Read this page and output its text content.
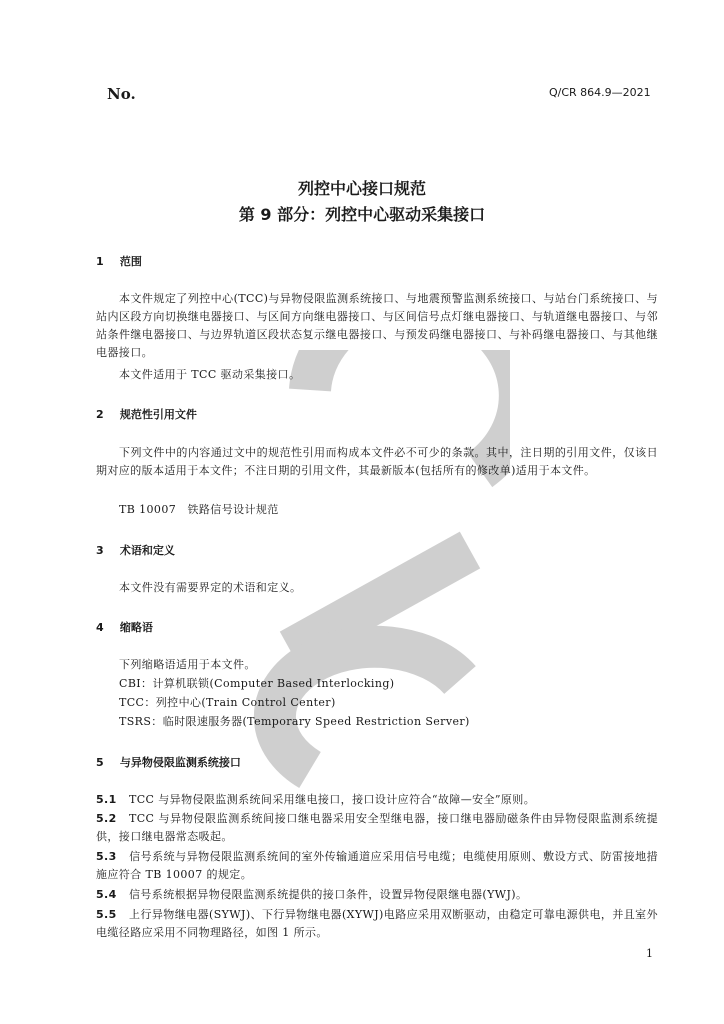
No.	Q/CR 864.9—2021
列控中心接口规范
第 9 部分：列控中心驱动采集接口
1 范围
本文件规定了列控中心(TCC)与异物侵限监测系统接口、与地震预警监测系统接口、与站台门系统接口、与站内区段方向切换继电器接口、与区间方向继电器接口、与区间信号点灯继电器接口、与轨道继电器接口、与邻站条件继电器接口、与边界轨道区段状态复示继电器接口、与预发码继电器接口、与补码继电器接口、与其他继电器接口。
本文件适用于 TCC 驱动采集接口。
2 规范性引用文件
下列文件中的内容通过文中的规范性引用而构成本文件必不可少的条款。其中，注日期的引用文件，仅该日期对应的版本适用于本文件；不注日期的引用文件，其最新版本(包括所有的修改单)适用于本文件。
TB 10007　铁路信号设计规范
3 术语和定义
本文件没有需要界定的术语和定义。
4 缩略语
下列缩略语适用于本文件。
CBI：计算机联锁(Computer Based Interlocking)
TCC：列控中心(Train Control Center)
TSRS：临时限速服务器(Temporary Speed Restriction Server)
5 与异物侵限监测系统接口
5.1 TCC 与异物侵限监测系统间采用继电接口，接口设计应符合“故障—安全”原则。
5.2 TCC 与异物侵限监测系统间接口继电器采用安全型继电器，接口继电器励磁条件由异物侵限监测系统提供，接口继电器常态吸起。
5.3 信号系统与异物侵限监测系统间的室外传输通道应采用信号电缆；电缆使用原则、敷设方式、防雷接地措施应符合 TB 10007 的规定。
5.4 信号系统根据异物侵限监测系统提供的接口条件，设置异物侵限继电器(YWJ)。
5.5 上行异物继电器(SYWJ)、下行异物继电器(XYWJ)电路应采用双断驱动，由稳定可靠电源供电，并且室外电缆径路应采用不同物理路径，如图 1 所示。
1
